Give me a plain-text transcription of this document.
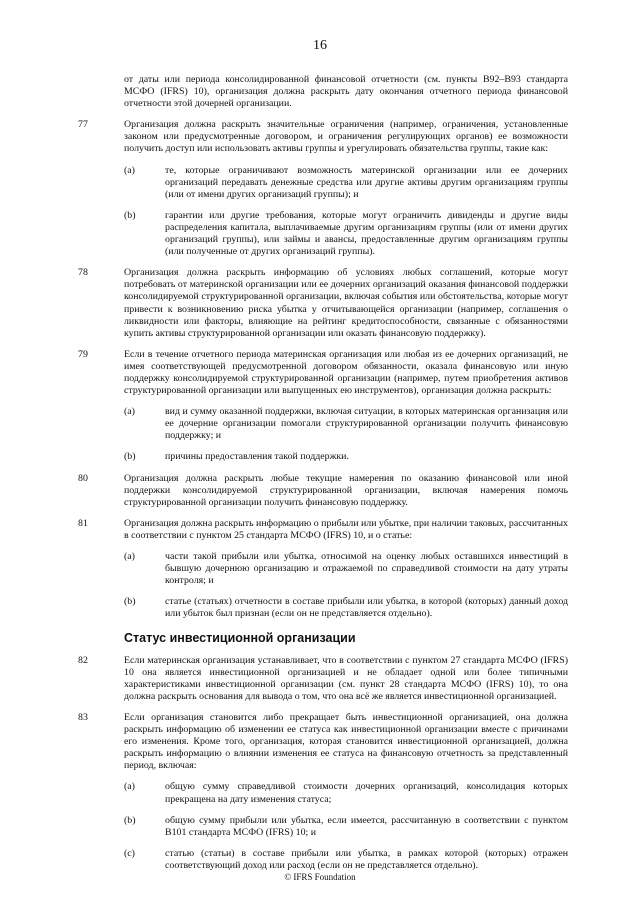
16

от даты или периода консолидированной финансовой отчетности (см. пункты B92–B93 стандарта МСФО (IFRS) 10), организация должна раскрыть дату окончания отчетного периода финансовой отчетности этой дочерней организации.

77	Организация должна раскрыть значительные ограничения (например, ограничения, установленные законом или предусмотренные договором, и ограничения регулирующих органов) ее возможности получить доступ или использовать активы группы и урегулировать обязательства группы, такие как:

(a)	те, которые ограничивают возможность материнской организации или ее дочерних организаций передавать денежные средства или другие активы другим организациям группы (или от имени других организаций группы); и

(b)	гарантии или другие требования, которые могут ограничить дивиденды и другие виды распределения капитала, выплачиваемые другим организациям группы (или от имени других организаций группы), или займы и авансы, предоставленные другим организациям группы (или полученные от других организаций группы).

78	Организация должна раскрыть информацию об условиях любых соглашений, которые могут потребовать от материнской организации или ее дочерних организаций оказания финансовой поддержки консолидируемой структурированной организации, включая события или обстоятельства, которые могут привести к возникновению риска убытка у отчитывающейся организации (например, соглашения о ликвидности или факторы, влияющие на рейтинг кредитоспособности, связанные с обязанностями купить активы структурированной организации или оказать финансовую поддержку).

79	Если в течение отчетного периода материнская организация или любая из ее дочерних организаций, не имея соответствующей предусмотренной договором обязанности, оказала финансовую или иную поддержку консолидируемой структурированной организации (например, путем приобретения активов структурированной организации или выпущенных ею инструментов), организация должна раскрыть:

(a)	вид и сумму оказанной поддержки, включая ситуации, в которых материнская организация или ее дочерние организации помогали структурированной организации получить финансовую поддержку; и

(b)	причины предоставления такой поддержки.

80	Организация должна раскрыть любые текущие намерения по оказанию финансовой или иной поддержки консолидируемой структурированной организации, включая намерения помочь структурированной организации получить финансовую поддержку.

81	Организация должна раскрыть информацию о прибыли или убытке, при наличии таковых, рассчитанных в соответствии с пунктом 25 стандарта МСФО (IFRS) 10, и о статье:

(a)	части такой прибыли или убытка, относимой на оценку любых оставшихся инвестиций в бывшую дочернюю организацию и отражаемой по справедливой стоимости на дату утраты контроля; и

(b)	статье (статьях) отчетности в составе прибыли или убытка, в которой (которых) данный доход или убыток был признан (если он не представляется отдельно).

Статус инвестиционной организации
82	Если материнская организация устанавливает, что в соответствии с пунктом 27 стандарта МСФО (IFRS) 10 она является инвестиционной организацией и не обладает одной или более типичными характеристиками инвестиционной организации (см. пункт 28 стандарта МСФО (IFRS) 10), то она должна раскрыть основания для вывода о том, что она всё же является инвестиционной организацией.

83	Если организация становится либо прекращает быть инвестиционной организацией, она должна раскрыть информацию об изменении ее статуса как инвестиционной организации вместе с причинами его изменения. Кроме того, организация, которая становится инвестиционной организацией, должна раскрыть информацию о влиянии изменения ее статуса на финансовую отчетность за представленный период, включая:

(a)	общую сумму справедливой стоимости дочерних организаций, консолидация которых прекращена на дату изменения статуса;

(b)	общую сумму прибыли или убытка, если имеется, рассчитанную в соответствии с пунктом B101 стандарта МСФО (IFRS) 10; и

(c)	статью (статьи) в составе прибыли или убытка, в рамках которой (которых) отражен соответствующий доход или расход (если он не представляется отдельно).

© IFRS Foundation
